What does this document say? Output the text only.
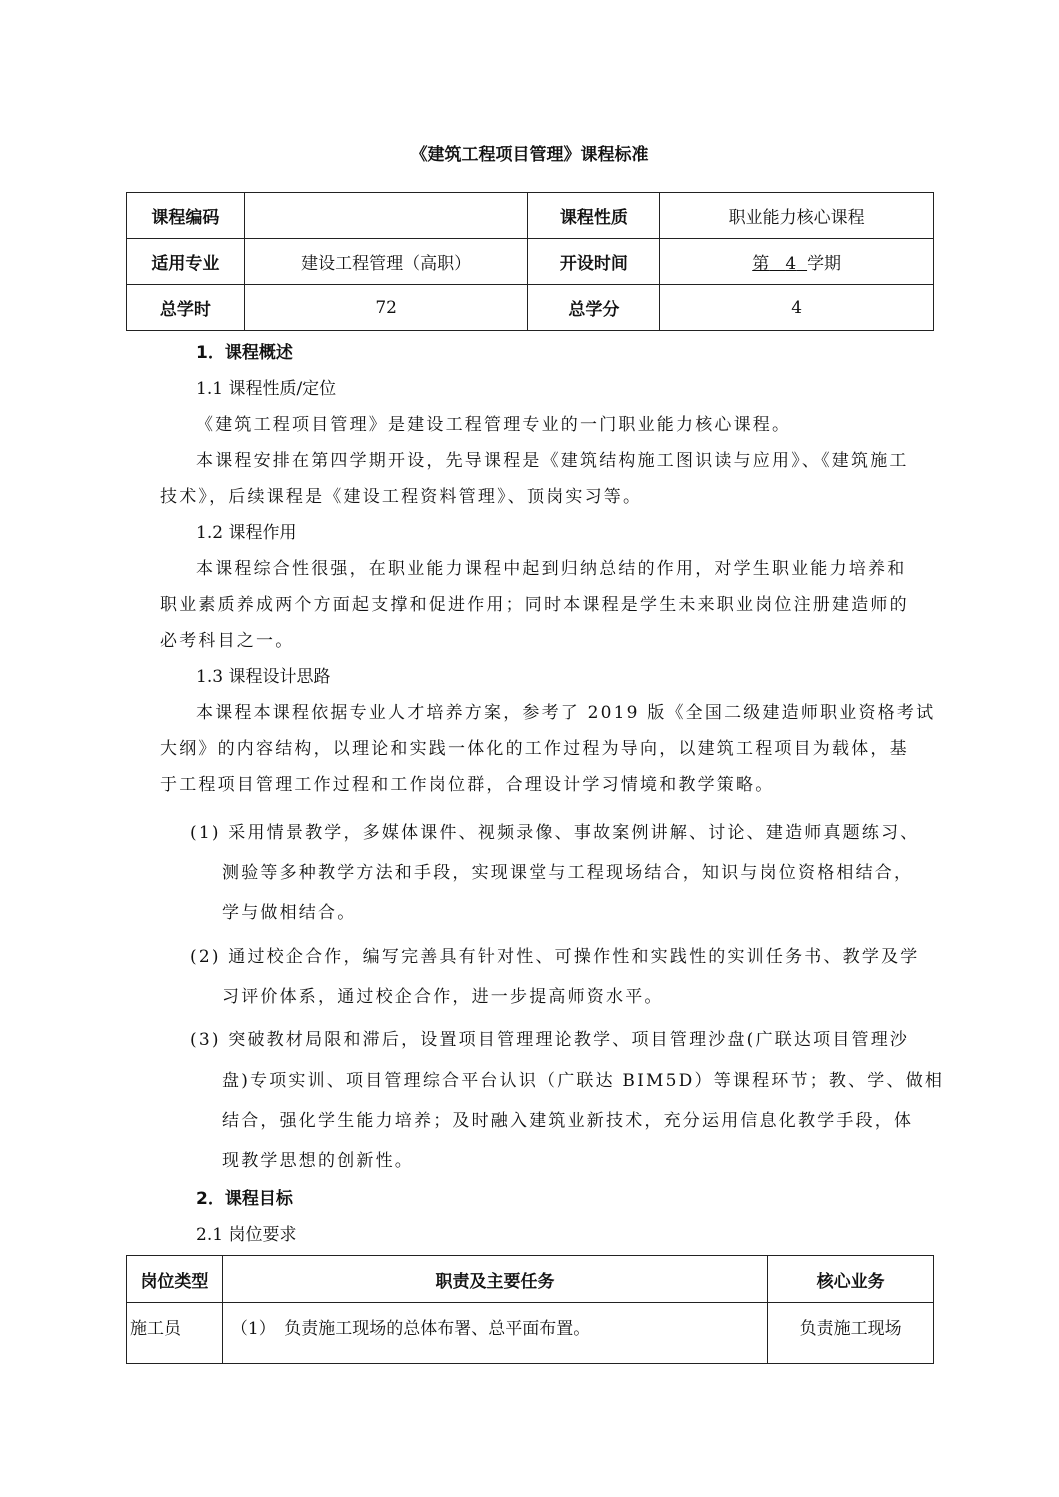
《建筑工程项目管理》课程标准
课程编码		课程性质	职业能力核心课程
适用专业	建设工程管理（高职）	开设时间	第 4 学期
总学时	72	总学分	4
1．课程概述
1.1 课程性质/定位
《建筑工程项目管理》是建设工程管理专业的一门职业能力核心课程。
本课程安排在第四学期开设，先导课程是《建筑结构施工图识读与应用》、《建筑施工
技术》，后续课程是《建设工程资料管理》、顶岗实习等。
1.2 课程作用
本课程综合性很强，在职业能力课程中起到归纳总结的作用，对学生职业能力培养和
职业素质养成两个方面起支撑和促进作用；同时本课程是学生未来职业岗位注册建造师的
必考科目之一。
1.3 课程设计思路
本课程本课程依据专业人才培养方案，参考了 2019 版《全国二级建造师职业资格考试
大纲》的内容结构，以理论和实践一体化的工作过程为导向，以建筑工程项目为载体，基
于工程项目管理工作过程和工作岗位群，合理设计学习情境和教学策略。
(1) 采用情景教学，多媒体课件、视频录像、事故案例讲解、讨论、建造师真题练习、
测验等多种教学方法和手段，实现课堂与工程现场结合，知识与岗位资格相结合，
学与做相结合。
(2) 通过校企合作，编写完善具有针对性、可操作性和实践性的实训任务书、教学及学
习评价体系，通过校企合作，进一步提高师资水平。
(3) 突破教材局限和滞后，设置项目管理理论教学、项目管理沙盘(广联达项目管理沙
盘)专项实训、项目管理综合平台认识（广联达 BIM5D）等课程环节；教、学、做相
结合，强化学生能力培养；及时融入建筑业新技术，充分运用信息化教学手段，体
现教学思想的创新性。
2．课程目标
2.1 岗位要求
岗位类型	职责及主要任务	核心业务
施工员	（1）　负责施工现场的总体布署、总平面布置。	负责施工现场
